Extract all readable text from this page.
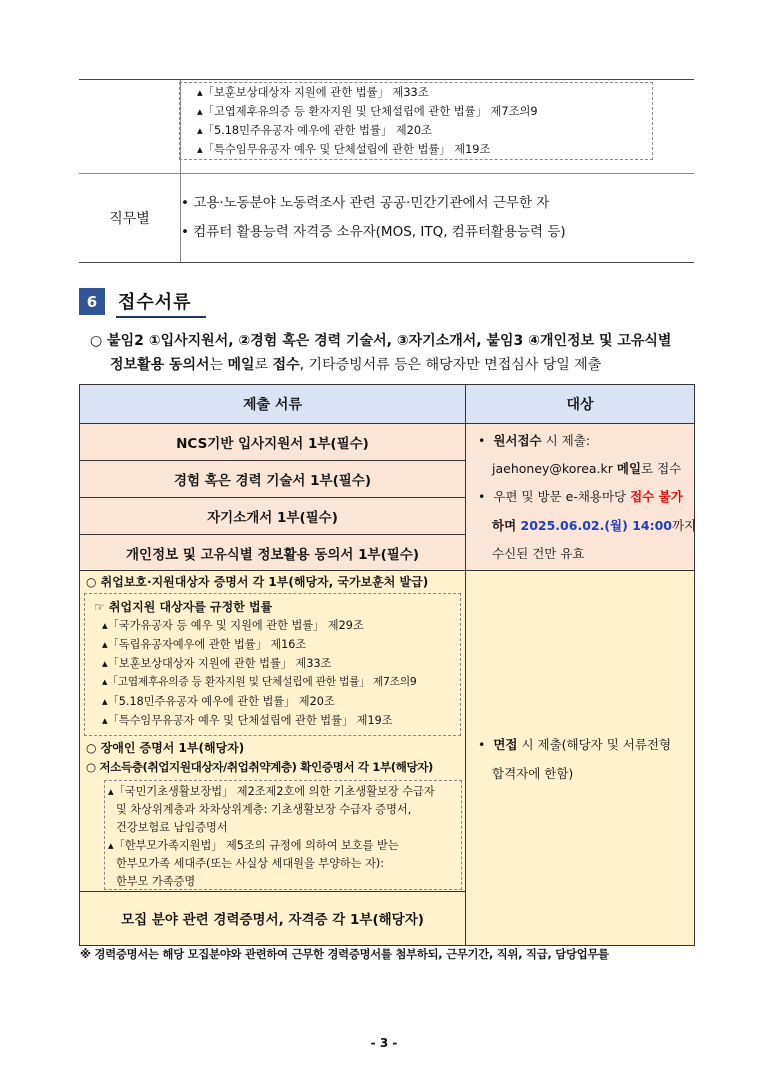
▴「보훈보상대상자 지원에 관한 법률」 제33조
▴「고엽제후유의증 등 환자지원 및 단체설립에 관한 법률」 제7조의9
▴「5.18민주유공자 예우에 관한 법률」 제20조
▴「특수임무유공자 예우 및 단체설립에 관한 법률」 제19조
직무별
• 고용·노동분야 노동력조사 관련 공공·민간기관에서 근무한 자
• 컴퓨터 활용능력 자격증 소유자(MOS, ITQ, 컴퓨터활용능력 등)
6	접수서류
○ 붙임2 ①입사지원서, ②경험 혹은 경력 기술서, ③자기소개서, 붙임3 ④개인정보 및 고유식별
정보활용 동의서는 메일로 접수, 기타증빙서류 등은 해당자만 면접심사 당일 제출
제출 서류	대상
NCS기반 입사지원서 1부(필수)
경험 혹은 경력 기술서 1부(필수)
자기소개서 1부(필수)
개인정보 및 고유식별 정보활용 동의서 1부(필수)
•  원서접수 시 제출:
jaehoney@korea.kr 메일로 접수
•  우편 및 방문 e-채용마당 접수 불가
하며 2025.06.02.(월) 14:00까지
수신된 건만 유효
○ 취업보호·지원대상자 증명서 각 1부(해당자, 국가보훈처 발급)
☞ 취업지원 대상자를 규정한 법률
▴「국가유공자 등 예우 및 지원에 관한 법률」 제29조
▴「독립유공자예우에 관한 법률」 제16조
▴「보훈보상대상자 지원에 관한 법률」 제33조
▴「고엽제후유의증 등 환자지원 및 단체설립에 관한 법률」 제7조의9
▴「5.18민주유공자 예우에 관한 법률」 제20조
▴「특수임무유공자 예우 및 단체설립에 관한 법률」 제19조
○ 장애인 증명서 1부(해당자)
○ 저소득층(취업지원대상자/취업취약계층) 확인증명서 각 1부(해당자)
▴「국민기초생활보장법」 제2조제2호에 의한 기초생활보장 수급자
및 차상위계층과 차차상위계층: 기초생활보장 수급자 증명서,
건강보험료 납입증명서
▴「한부모가족지원법」 제5조의 규정에 의하여 보호를 받는
한부모가족 세대주(또는 사실상 세대원을 부양하는 자):
한부모 가족증명
모집 분야 관련 경력증명서, 자격증 각 1부(해당자)
•  면접 시 제출(해당자 및 서류전형
합격자에 한함)
※ 경력증명서는 해당 모집분야와 관련하여 근무한 경력증명서를 첨부하되, 근무기간, 직위, 직급, 담당업무를
- 3 -
